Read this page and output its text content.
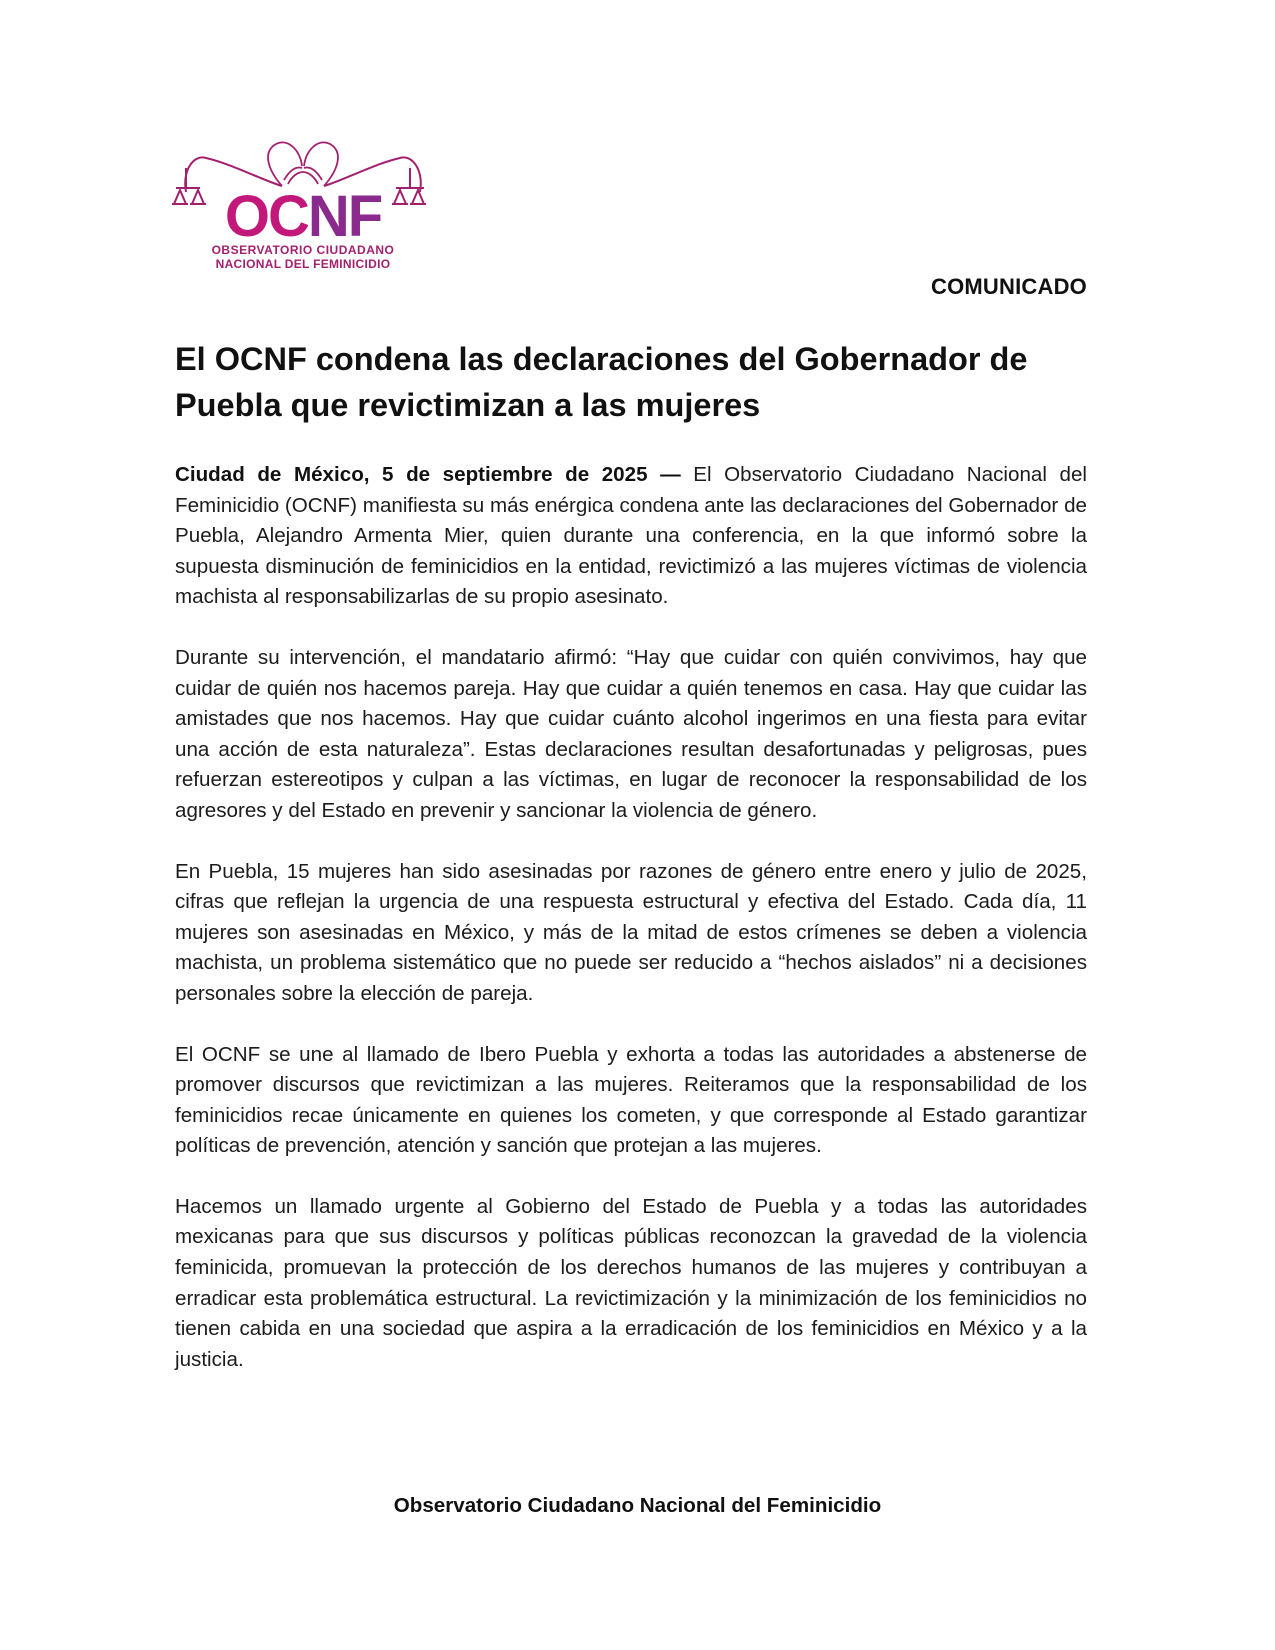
OCNF
OBSERVATORIO CIUDADANO
NACIONAL DEL FEMINICIDIO
COMUNICADO
El OCNF condena las declaraciones del Gobernador de Puebla que revictimizan a las mujeres

Ciudad de México, 5 de septiembre de 2025 — El Observatorio Ciudadano Nacional del Feminicidio (OCNF) manifiesta su más enérgica condena ante las declaraciones del Gobernador de Puebla, Alejandro Armenta Mier, quien durante una conferencia, en la que informó sobre la supuesta disminución de feminicidios en la entidad, revictimizó a las mujeres víctimas de violencia machista al responsabilizarlas de su propio asesinato.

Durante su intervención, el mandatario afirmó: “Hay que cuidar con quién convivimos, hay que cuidar de quién nos hacemos pareja. Hay que cuidar a quién tenemos en casa. Hay que cuidar las amistades que nos hacemos. Hay que cuidar cuánto alcohol ingerimos en una fiesta para evitar una acción de esta naturaleza”. Estas declaraciones resultan desafortunadas y peligrosas, pues refuerzan estereotipos y culpan a las víctimas, en lugar de reconocer la responsabilidad de los agresores y del Estado en prevenir y sancionar la violencia de género.

En Puebla, 15 mujeres han sido asesinadas por razones de género entre enero y julio de 2025, cifras que reflejan la urgencia de una respuesta estructural y efectiva del Estado. Cada día, 11 mujeres son asesinadas en México, y más de la mitad de estos crímenes se deben a violencia machista, un problema sistemático que no puede ser reducido a “hechos aislados” ni a decisiones personales sobre la elección de pareja.

El OCNF se une al llamado de Ibero Puebla y exhorta a todas las autoridades a abstenerse de promover discursos que revictimizan a las mujeres. Reiteramos que la responsabilidad de los feminicidios recae únicamente en quienes los cometen, y que corresponde al Estado garantizar políticas de prevención, atención y sanción que protejan a las mujeres.

Hacemos un llamado urgente al Gobierno del Estado de Puebla y a todas las autoridades mexicanas para que sus discursos y políticas públicas reconozcan la gravedad de la violencia feminicida, promuevan la protección de los derechos humanos de las mujeres y contribuyan a erradicar esta problemática estructural. La revictimización y la minimización de los feminicidios no tienen cabida en una sociedad que aspira a la erradicación de los feminicidios en México y a la justicia.

Observatorio Ciudadano Nacional del Feminicidio
